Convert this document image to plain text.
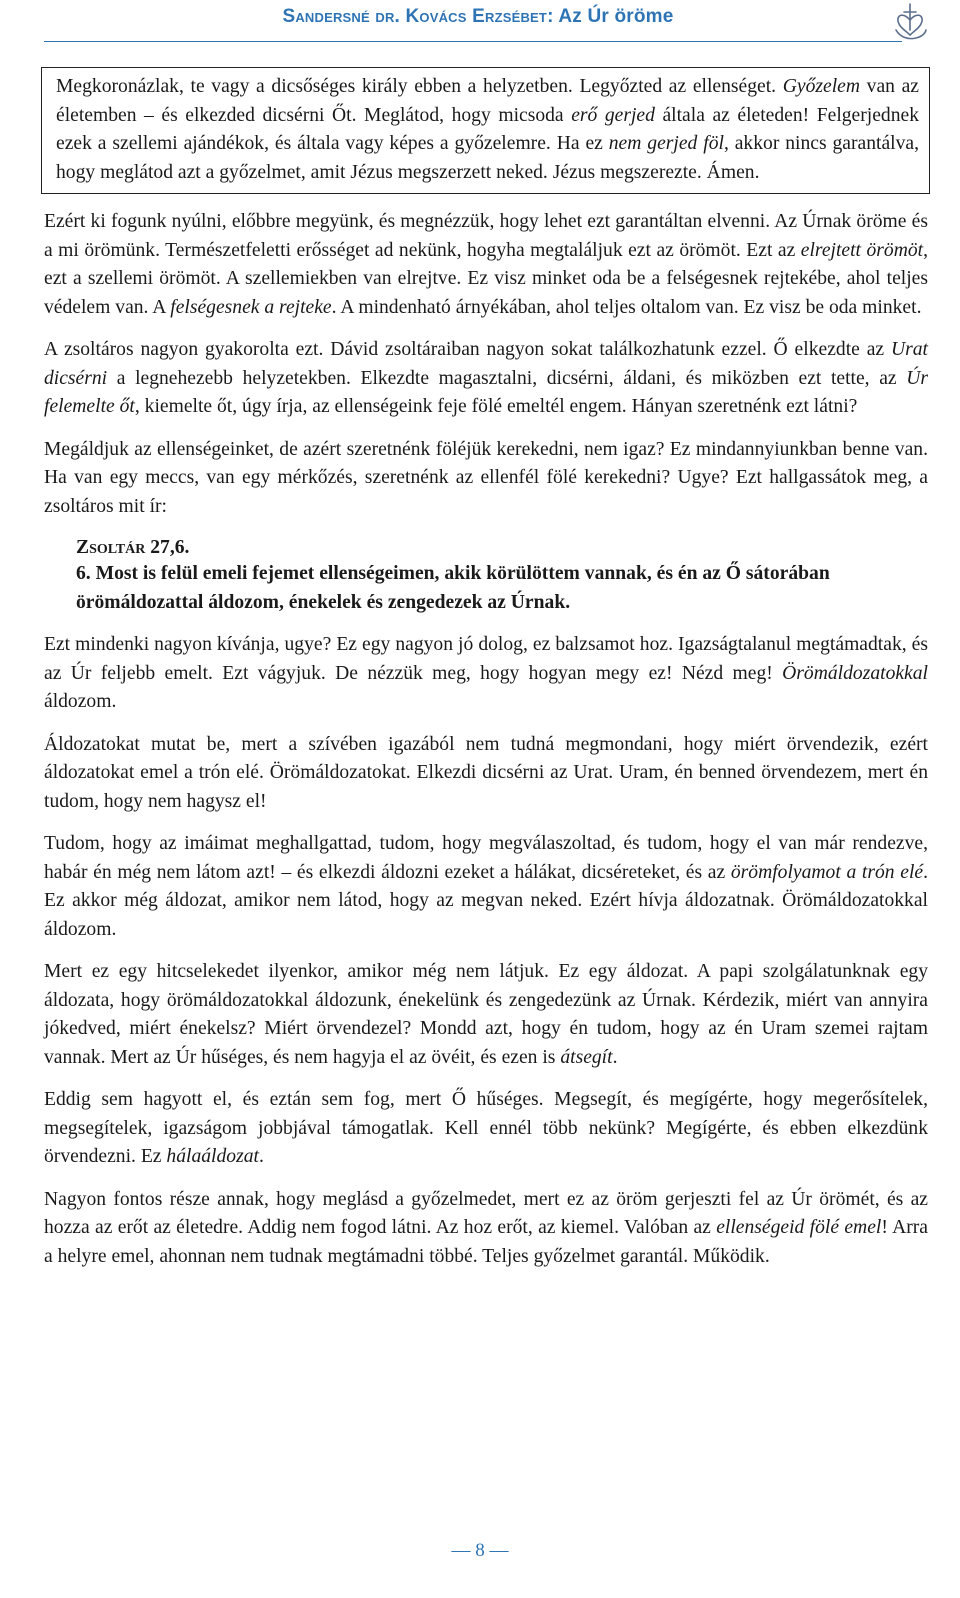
Sandersné dr. Kovács Erzsébet: Az Úr öröme

Megkoronázlak, te vagy a dicsőséges király ebben a helyzetben. Legyőzted az ellenséget. Győzelem van az életemben – és elkezded dicsérni Őt. Meglátod, hogy micsoda erő gerjed általa az életeden! Felgerjednek ezek a szellemi ajándékok, és általa vagy képes a győzelemre. Ha ez nem gerjed föl, akkor nincs garantálva, hogy meglátod azt a győzelmet, amit Jézus megszerzett neked. Jézus megszerezte. Ámen.

Ezért ki fogunk nyúlni, előbbre megyünk, és megnézzük, hogy lehet ezt garantáltan elvenni. Az Úrnak öröme és a mi örömünk. Természetfeletti erősséget ad nekünk, hogyha megtaláljuk ezt az örömöt. Ezt az elrejtett örömöt, ezt a szellemi örömöt. A szellemiekben van elrejtve. Ez visz minket oda be a felségesnek rejtekébe, ahol teljes védelem van. A felségesnek a rejteke. A mindenható árnyékában, ahol teljes oltalom van. Ez visz be oda minket.

A zsoltáros nagyon gyakorolta ezt. Dávid zsoltáraiban nagyon sokat találkozhatunk ezzel. Ő elkezdte az Urat dicsérni a legnehezebb helyzetekben. Elkezdte magasztalni, dicsérni, áldani, és miközben ezt tette, az Úr felemelte őt, kiemelte őt, úgy írja, az ellenségeink feje fölé emeltél engem. Hányan szeretnénk ezt látni?

Megáldjuk az ellenségeinket, de azért szeretnénk föléjük kerekedni, nem igaz? Ez mindannyiunkban benne van. Ha van egy meccs, van egy mérkőzés, szeretnénk az ellenfél fölé kerekedni? Ugye? Ezt hallgassátok meg, a zsoltáros mit ír:

Zsoltár 27,6.

6. Most is felül emeli fejemet ellenségeimen, akik körülöttem vannak, és én az Ő sátorában örömáldozattal áldozom, énekelek és zengedezek az Úrnak.

Ezt mindenki nagyon kívánja, ugye? Ez egy nagyon jó dolog, ez balzsamot hoz. Igazságtalanul megtámadtak, és az Úr feljebb emelt. Ezt vágyjuk. De nézzük meg, hogy hogyan megy ez! Nézd meg! Örömáldozatokkal áldozom.

Áldozatokat mutat be, mert a szívében igazából nem tudná megmondani, hogy miért örvendezik, ezért áldozatokat emel a trón elé. Örömáldozatokat. Elkezdi dicsérni az Urat. Uram, én benned örvendezem, mert én tudom, hogy nem hagysz el!

Tudom, hogy az imáimat meghallgattad, tudom, hogy megválaszoltad, és tudom, hogy el van már rendezve, habár én még nem látom azt! – és elkezdi áldozni ezeket a hálákat, dicséreteket, és az örömfolyamot a trón elé. Ez akkor még áldozat, amikor nem látod, hogy az megvan neked. Ezért hívja áldozatnak. Örömáldozatokkal áldozom.

Mert ez egy hitcselekedet ilyenkor, amikor még nem látjuk. Ez egy áldozat. A papi szolgálatunknak egy áldozata, hogy örömáldozatokkal áldozunk, énekelünk és zengedezünk az Úrnak. Kérdezik, miért van annyira jókedved, miért énekelsz? Miért örvendezel? Mondd azt, hogy én tudom, hogy az én Uram szemei rajtam vannak. Mert az Úr hűséges, és nem hagyja el az övéit, és ezen is átsegít.

Eddig sem hagyott el, és eztán sem fog, mert Ő hűséges. Megsegít, és megígérte, hogy megerősítelek, megsegítelek, igazságom jobbjával támogatlak. Kell ennél több nekünk? Megígérte, és ebben elkezdünk örvendezni. Ez hálaáldozat.

Nagyon fontos része annak, hogy meglásd a győzelmedet, mert ez az öröm gerjeszti fel az Úr örömét, és az hozza az erőt az életedre. Addig nem fogod látni. Az hoz erőt, az kiemel. Valóban az ellenségeid fölé emel! Arra a helyre emel, ahonnan nem tudnak megtámadni többé. Teljes győzelmet garantál. Működik.

— 8 —
